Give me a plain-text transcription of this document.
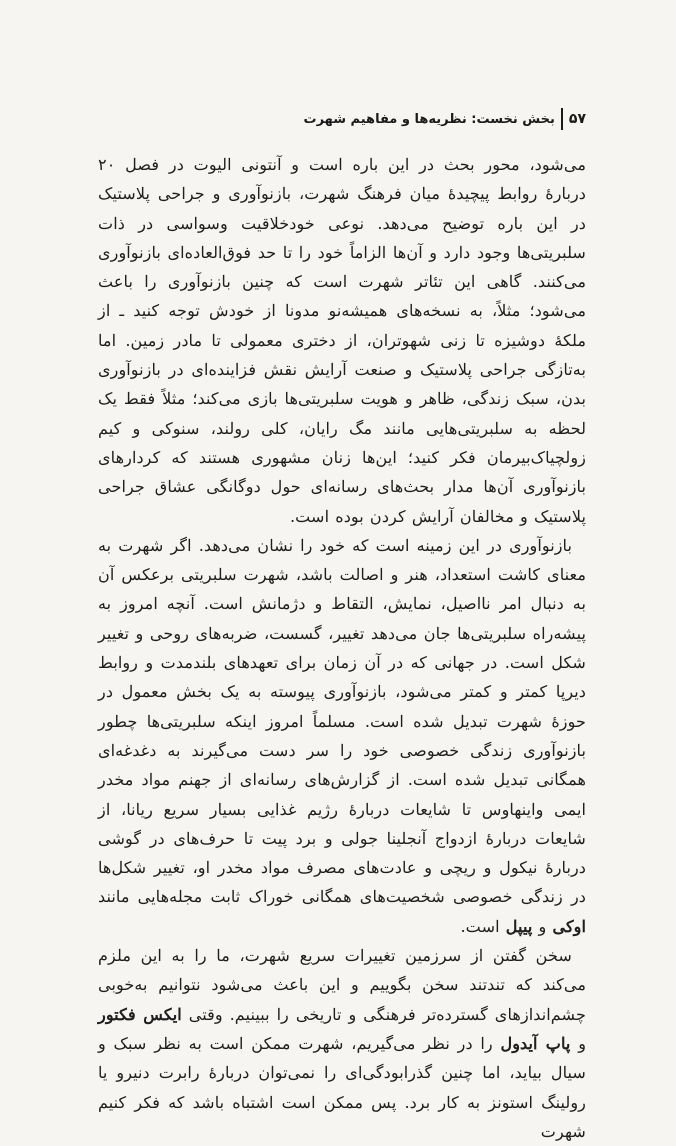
۵۷
بخش نخست: نظریه‌ها و مفاهیم شهرت

می‌شود، محور بحث در این باره است و آنتونی الیوت در فصل ۲۰ دربارهٔ روابط پیچیدهٔ میان فرهنگ شهرت، بازنوآوری و جراحی پلاستیک در این باره توضیح می‌دهد. نوعی خودخلاقیت وسواسی در ذات سلبریتی‌ها وجود دارد و آن‌ها الزاماً خود را تا حد فوق‌العاده‌ای بازنوآوری می‌کنند. گاهی این تئاتر شهرت است که چنین بازنوآوری را باعث می‌شود؛ مثلاً، به نسخه‌های همیشه‌نو مدونا از خودش توجه کنید ـ از ملکهٔ دوشیزه تا زنی شهوتران، از دختری معمولی تا مادر زمین. اما به‌تازگی جراحی پلاستیک و صنعت آرایش نقش فزاینده‌ای در بازنوآوری بدن، سبک زندگی، ظاهر و هویت سلبریتی‌ها بازی می‌کند؛ مثلاً فقط یک لحظه به سلبریتی‌هایی مانند مگ رایان، کلی رولند، سنوکی و کیم زولچیاک‌بیرمان فکر کنید؛ این‌ها زنان مشهوری هستند که کردارهای بازنوآوری آن‌ها مدار بحث‌های رسانه‌ای حول دوگانگی عشاق جراحی پلاستیک و مخالفان آرایش کردن بوده است.

بازنوآوری در این زمینه است که خود را نشان می‌دهد. اگر شهرت به معنای کاشت استعداد، هنر و اصالت باشد، شهرت سلبریتی برعکس آن به دنبال امر نااصیل، نمایش، التقاط و دژمانش است. آنچه امروز به پیشه‌راه سلبریتی‌ها جان می‌دهد تغییر، گسست، ضربه‌های روحی و تغییر شکل است. در جهانی که در آن زمان برای تعهدهای بلندمدت و روابط دیرپا کمتر و کمتر می‌شود، بازنوآوری پیوسته به یک بخش معمول در حوزهٔ شهرت تبدیل شده است. مسلماً امروز اینکه سلبریتی‌ها چطور بازنوآوری زندگی خصوصی خود را سر دست می‌گیرند به دغدغه‌ای همگانی تبدیل شده است. از گزارش‌های رسانه‌ای از جهنم مواد مخدر ایمی واینهاوس تا شایعات دربارهٔ رژیم غذایی بسیار سریع ریانا، از شایعات دربارهٔ ازدواج آنجلینا جولی و برد پیت تا حرف‌های در گوشی دربارهٔ نیکول و ریچی و عادت‌های مصرف مواد مخدر او، تغییر شکل‌ها در زندگی خصوصی شخصیت‌های همگانی خوراک ثابت مجله‌هایی مانند اوکی و پیپل است.

سخن گفتن از سرزمین تغییرات سریع شهرت، ما را به این ملزم می‌کند که تندتند سخن بگوییم و این باعث می‌شود نتوانیم به‌خوبی چشم‌اندازهای گسترده‌تر فرهنگی و تاریخی را ببینیم. وقتی ایکس فکتور و پاپ آیدول را در نظر می‌گیریم، شهرت ممکن است به نظر سبک و سیال بیاید، اما چنین گذرابودگی‌ای را نمی‌توان دربارهٔ رابرت دنیرو یا رولینگ استونز به کار برد. پس ممکن است اشتباه باشد که فکر کنیم شهرت
